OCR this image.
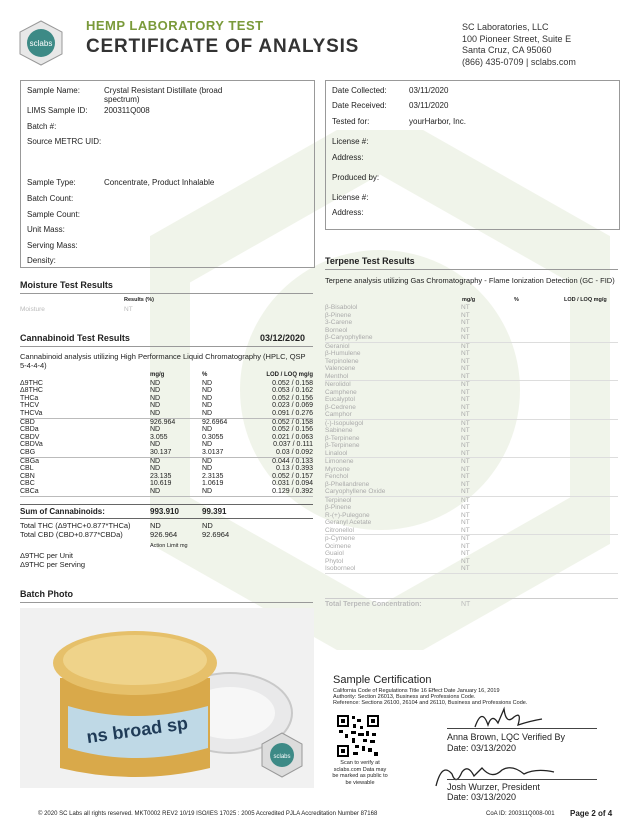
sclabs
HEMP LABORATORY TEST
CERTIFICATE OF ANALYSIS
SC Laboratories, LLC
100 Pioneer Street, Suite E
Santa Cruz, CA 95060
(866) 435-0709 | sclabs.com
Sample Name:	Crystal Resistant Distillate (broad spectrum)
LIMS Sample ID: 200311Q008
Batch #:
Source METRC UID:
Sample Type:	Concentrate, Product Inhalable
Batch Count:
Sample Count:
Unit Mass:
Serving Mass:
Density:
Date Collected:	03/11/2020
Date Received:	03/11/2020
Tested for:	yourHarbor, Inc.
License #:
Address:
Produced by:
License #:
Address:
Moisture Test Results
Results (%)
Moisture	NT
Cannabinoid Test Results	03/12/2020
Cannabinoid analysis utilizing High Performance Liquid Chromatography (HPLC, QSP 5-4-4-4)
	mg/g	%	LOD / LOQ mg/g
Δ9THC	ND	ND	0.052 / 0.158
Δ8THC	ND	ND	0.053 / 0.162
THCa	ND	ND	0.052 / 0.156
THCV	ND	ND	0.023 / 0.069
THCVa	ND	ND	0.091 / 0.276
CBD	926.964	92.6964	0.052 / 0.158
CBDa	ND	ND	0.052 / 0.156
CBDV	3.055	0.3055	0.021 / 0.063
CBDVa	ND	ND	0.037 / 0.111
CBG	30.137	3.0137	0.03 / 0.092
CBGa	ND	ND	0.044 / 0.133
CBL	ND	ND	0.13 / 0.393
CBN	23.135	2.3135	0.052 / 0.157
CBC	10.619	1.0619	0.031 / 0.094
CBCa	ND	ND	0.129 / 0.392
Sum of Cannabinoids:	993.910	99.391
Total THC (Δ9THC+0.877*THCa)	ND	ND
Total CBD (CBD+0.877*CBDa)	926.964	92.6964
Action Limit mg
Δ9THC per Unit
Δ9THC per Serving
Batch Photo
ns broad sp
sclabs
Terpene Test Results
Terpene analysis utilizing Gas Chromatography - Flame Ionization Detection (GC - FID)
mg/g	%	LOD / LOQ mg/g
β-Bisabolol	NT
β-Pinene	NT
3-Carene	NT
Borneol	NT
β-Caryophyllene	NT
Geraniol	NT
β-Humulene	NT
Terpinolene	NT
Valencene	NT
Menthol	NT
Nerolidol	NT
Camphene	NT
Eucalyptol	NT
β-Cedrene	NT
Camphor	NT
(-)-Isopulegol	NT
Sabinene	NT
β-Terpinene	NT
β-Terpinene	NT
Linalool	NT
Limonene	NT
Myrcene	NT
Fenchol	NT
β-Phellandrene	NT
Caryophyllene Oxide	NT
Terpineol	NT
β-Pinene	NT
R-(+)-Pulegone	NT
Geranyl Acetate	NT
Citronellol	NT
p-Cymene	NT
Ocimene	NT
Guaiol	NT
Phytol	NT
Isoborneol	NT
Total Terpene Concentration:	NT
Sample Certification
California Code of Regulations Title 16 Effect Date January 16, 2019
Authority: Section 26013, Business and Professions Code.
Reference: Sections 26100, 26104 and 26110, Business and Professions Code.
Scan to verify at sclabs.com Data may be marked as public to be viewable
Anna Brown, LQC Verified By
Date: 03/13/2020
Josh Wurzer, President
Date: 03/13/2020
© 2020 SC Labs all rights reserved. MKT0002 REV2 10/19 ISO/IES 17025 : 2005 Accredited PJLA Accreditation Number 87168	CoA ID: 200311Q008-001 Page 2 of 4
